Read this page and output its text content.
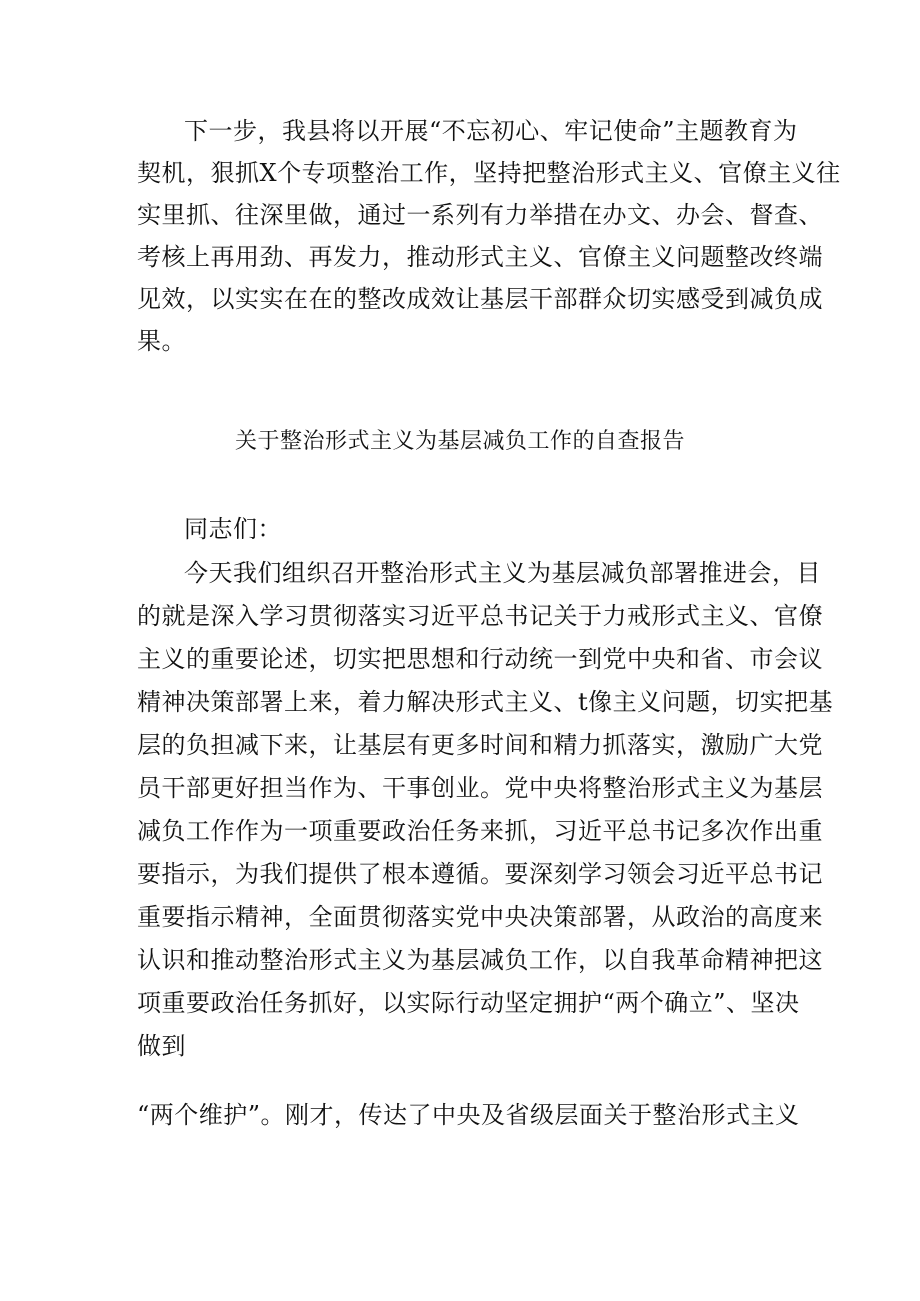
下一步，我县将以开展“不忘初心、牢记使命”主题教育为
契机，狠抓X个专项整治工作，坚持把整治形式主义、官僚主义往
实里抓、往深里做，通过一系列有力举措在办文、办会、督查、
考核上再用劲、再发力，推动形式主义、官僚主义问题整改终端
见效，以实实在在的整改成效让基层干部群众切实感受到减负成
果。
关于整治形式主义为基层减负工作的自查报告
同志们：
今天我们组织召开整治形式主义为基层减负部署推进会，目
的就是深入学习贯彻落实习近平总书记关于力戒形式主义、官僚
主义的重要论述，切实把思想和行动统一到党中央和省、市会议
精神决策部署上来，着力解决形式主义、t像主义问题，切实把基
层的负担减下来，让基层有更多时间和精力抓落实，激励广大党
员干部更好担当作为、干事创业。党中央将整治形式主义为基层
减负工作作为一项重要政治任务来抓，习近平总书记多次作出重
要指示，为我们提供了根本遵循。要深刻学习领会习近平总书记
重要指示精神，全面贯彻落实党中央决策部署，从政治的高度来
认识和推动整治形式主义为基层减负工作，以自我革命精神把这
项重要政治任务抓好，以实际行动坚定拥护“两个确立”、坚决
做到
“两个维护”。刚才，传达了中央及省级层面关于整治形式主义
